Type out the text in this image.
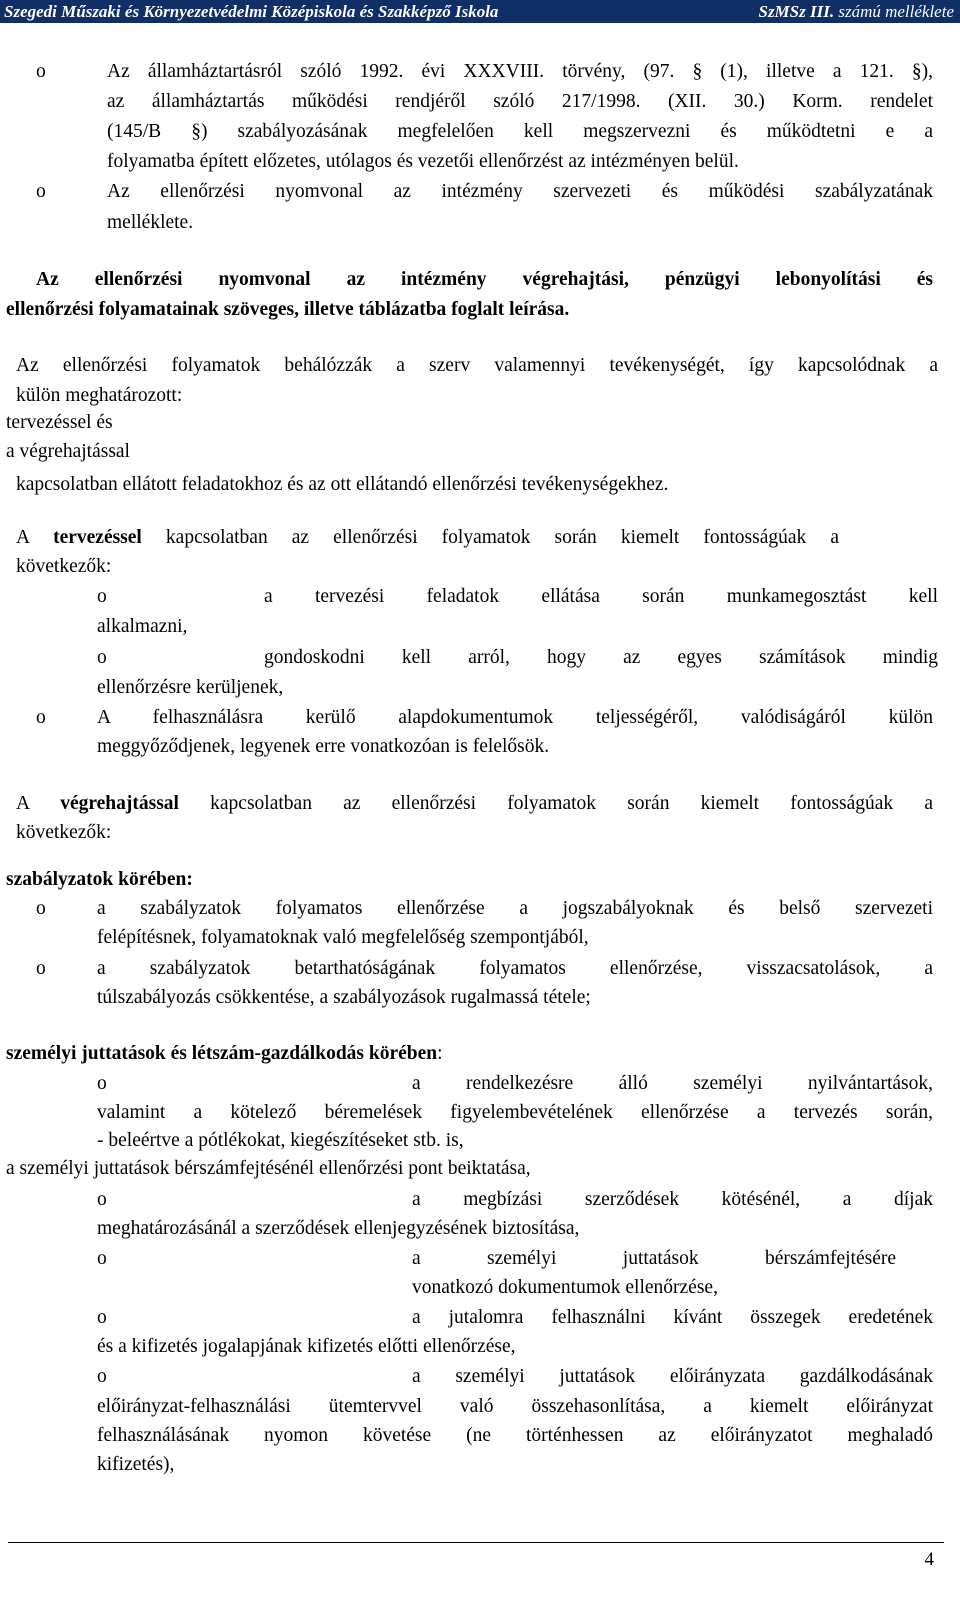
Szegedi Műszaki és Környezetvédelmi Középiskola és Szakképző Iskola	SzMSz III. számú melléklete
o	Az államháztartásról szóló 1992. évi XXXVIII. törvény, (97. § (1), illetve a 121. §),
az államháztartás működési rendjéről szóló 217/1998. (XII. 30.) Korm. rendelet
(145/B §) szabályozásának megfelelően kell megszervezni és működtetni e a
folyamatba épített előzetes, utólagos és vezetői ellenőrzést az intézményen belül.
o	Az ellenőrzési nyomvonal az intézmény szervezeti és működési szabályzatának
melléklete.
Az ellenőrzési nyomvonal az intézmény végrehajtási, pénzügyi lebonyolítási és
ellenőrzési folyamatainak szöveges, illetve táblázatba foglalt leírása.
Az ellenőrzési folyamatok behálózzák a szerv valamennyi tevékenységét, így kapcsolódnak a
külön meghatározott:
tervezéssel és
a végrehajtással
kapcsolatban ellátott feladatokhoz és az ott ellátandó ellenőrzési tevékenységekhez.
A tervezéssel kapcsolatban az ellenőrzési folyamatok során kiemelt fontosságúak a
következők:
o	a tervezési feladatok ellátása során munkamegosztást kell
alkalmazni,
o	gondoskodni kell arról, hogy az egyes számítások mindig
ellenőrzésre kerüljenek,
o	A felhasználásra kerülő alapdokumentumok teljességéről, valódiságáról külön
meggyőződjenek, legyenek erre vonatkozóan is felelősök.
A végrehajtással kapcsolatban az ellenőrzési folyamatok során kiemelt fontosságúak a
következők:
szabályzatok körében:
o	a szabályzatok folyamatos ellenőrzése a jogszabályoknak és belső szervezeti
felépítésnek, folyamatoknak való megfelelőség szempontjából,
o	a szabályzatok betarthatóságának folyamatos ellenőrzése, visszacsatolások, a
túlszabályozás csökkentése, a szabályozások rugalmassá tétele;
személyi juttatások és létszám-gazdálkodás körében:
o	a rendelkezésre álló személyi nyilvántartások,
valamint a kötelező béremelések figyelembevételének ellenőrzése a tervezés során,
- beleértve a pótlékokat, kiegészítéseket stb. is,
a személyi juttatások bérszámfejtésénél ellenőrzési pont beiktatása,
o	a megbízási szerződések kötésénél, a díjak
meghatározásánál a szerződések ellenjegyzésének biztosítása,
o	a személyi juttatások bérszámfejtésére
vonatkozó dokumentumok ellenőrzése,
o	a jutalomra felhasználni kívánt összegek eredetének
és a kifizetés jogalapjának kifizetés előtti ellenőrzése,
o	a személyi juttatások előirányzata gazdálkodásának
előirányzat-felhasználási ütemtervvel való összehasonlítása, a kiemelt előirányzat
felhasználásának nyomon követése (ne történhessen az előirányzatot meghaladó
kifizetés),
4
